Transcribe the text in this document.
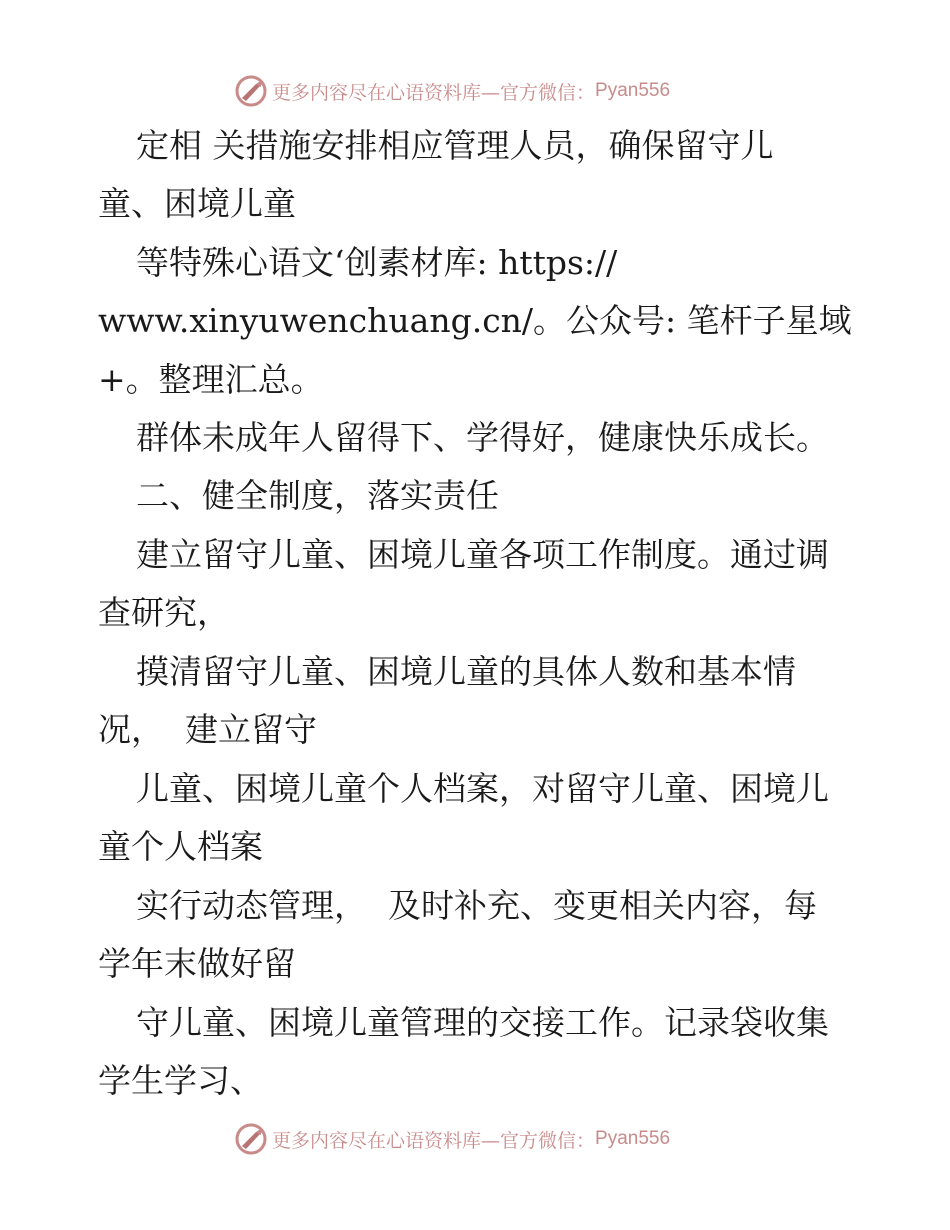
更多内容尽在心语资料库—官方微信： Pyan556
定相 关措施安排相应管理人员，确保留守儿
童、困境儿童
等特殊心语文‘创素材库: https://
www.xinyuwenchuang.cn/。公众号: 笔杆子星域
+。整理汇总。
群体未成年人留得下、学得好，健康快乐成长。
二、健全制度，落实责任
建立留守儿童、困境儿童各项工作制度。通过调
查研究，
摸清留守儿童、困境儿童的具体人数和基本情
况，  建立留守
儿童、困境儿童个人档案，对留守儿童、困境儿
童个人档案
实行动态管理，  及时补充、变更相关内容，每
学年末做好留
守儿童、困境儿童管理的交接工作。记录袋收集
学生学习、
更多内容尽在心语资料库—官方微信： Pyan556
